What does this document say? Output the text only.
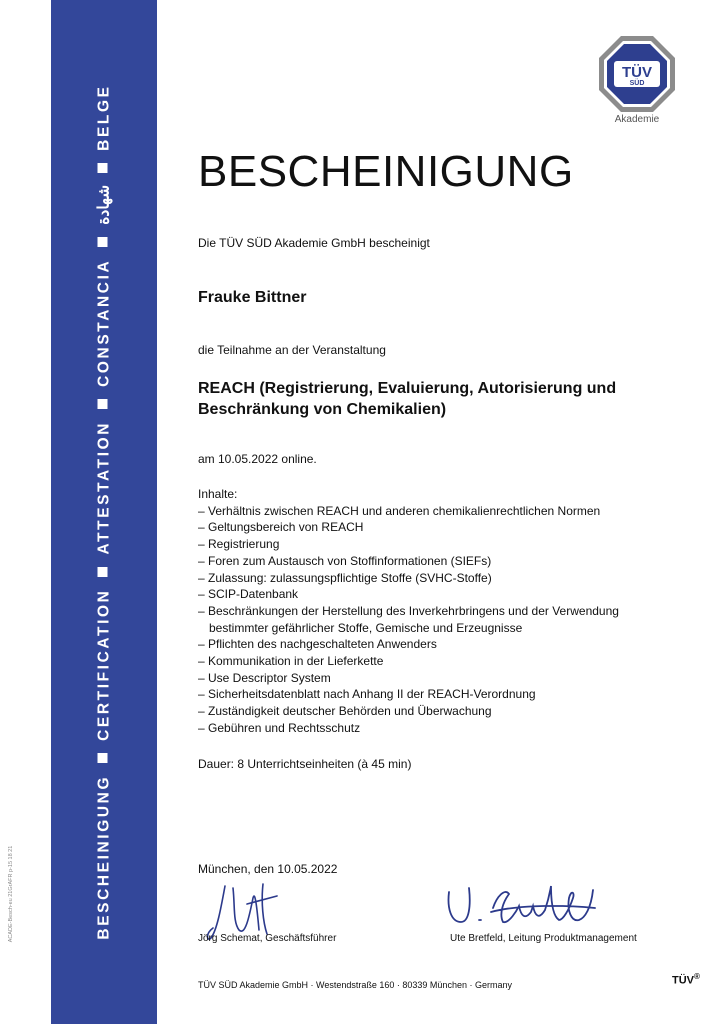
ACADE-Besch-eu 21GrAFR p-15 18 21	BESCHEINIGUNGCERTIFICATIONATTESTATIONCONSTANCIAشهادةBELGE
TÜV
SÜD
Akademie
BESCHEINIGUNG
Die TÜV SÜD Akademie GmbH bescheinigt
Frauke Bittner
die Teilnahme an der Veranstaltung
REACH (Registrierung, Evaluierung, Autorisierung und Beschränkung von Chemikalien)
am 10.05.2022 online.
Inhalte:
– Verhältnis zwischen REACH und anderen chemikalienrechtlichen Normen
– Geltungsbereich von REACH
– Registrierung
– Foren zum Austausch von Stoffinformationen (SIEFs)
– Zulassung: zulassungspflichtige Stoffe (SVHC-Stoffe)
– SCIP-Datenbank
– Beschränkungen der Herstellung des Inverkehrbringens und der Verwendung bestimmter gefährlicher Stoffe, Gemische und Erzeugnisse
– Pflichten des nachgeschalteten Anwenders
– Kommunikation in der Lieferkette
– Use Descriptor System
– Sicherheitsdatenblatt nach Anhang II der REACH-Verordnung
– Zuständigkeit deutscher Behörden und Überwachung
– Gebühren und Rechtsschutz
Dauer: 8 Unterrichtseinheiten (à 45 min)
München, den 10.05.2022
Jörg Schemat, Geschäftsführer	Ute Bretfeld, Leitung Produktmanagement
TÜV SÜD Akademie GmbH · Westendstraße 160 · 80339 München · Germany	TÜV®
